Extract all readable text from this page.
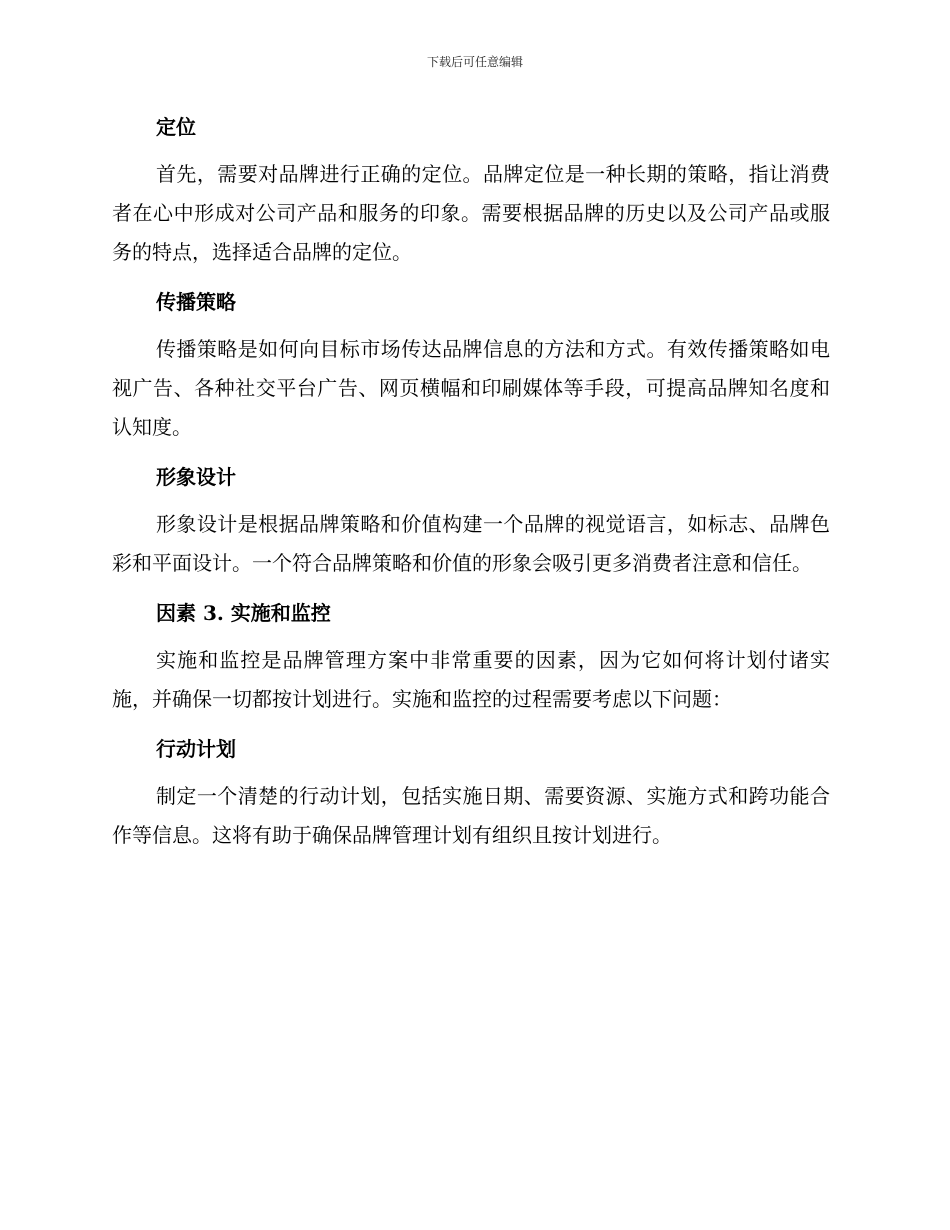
下载后可任意编辑
定位

首先，需要对品牌进行正确的定位。品牌定位是一种长期的策略，指让消费者在心中形成对公司产品和服务的印象。需要根据品牌的历史以及公司产品或服务的特点，选择适合品牌的定位。

传播策略

传播策略是如何向目标市场传达品牌信息的方法和方式。有效传播策略如电视广告、各种社交平台广告、网页横幅和印刷媒体等手段，可提高品牌知名度和认知度。

形象设计

形象设计是根据品牌策略和价值构建一个品牌的视觉语言，如标志、品牌色彩和平面设计。一个符合品牌策略和价值的形象会吸引更多消费者注意和信任。

因素 3. 实施和监控

实施和监控是品牌管理方案中非常重要的因素，因为它如何将计划付诸实施，并确保一切都按计划进行。实施和监控的过程需要考虑以下问题：

行动计划

制定一个清楚的行动计划，包括实施日期、需要资源、实施方式和跨功能合作等信息。这将有助于确保品牌管理计划有组织且按计划进行。
